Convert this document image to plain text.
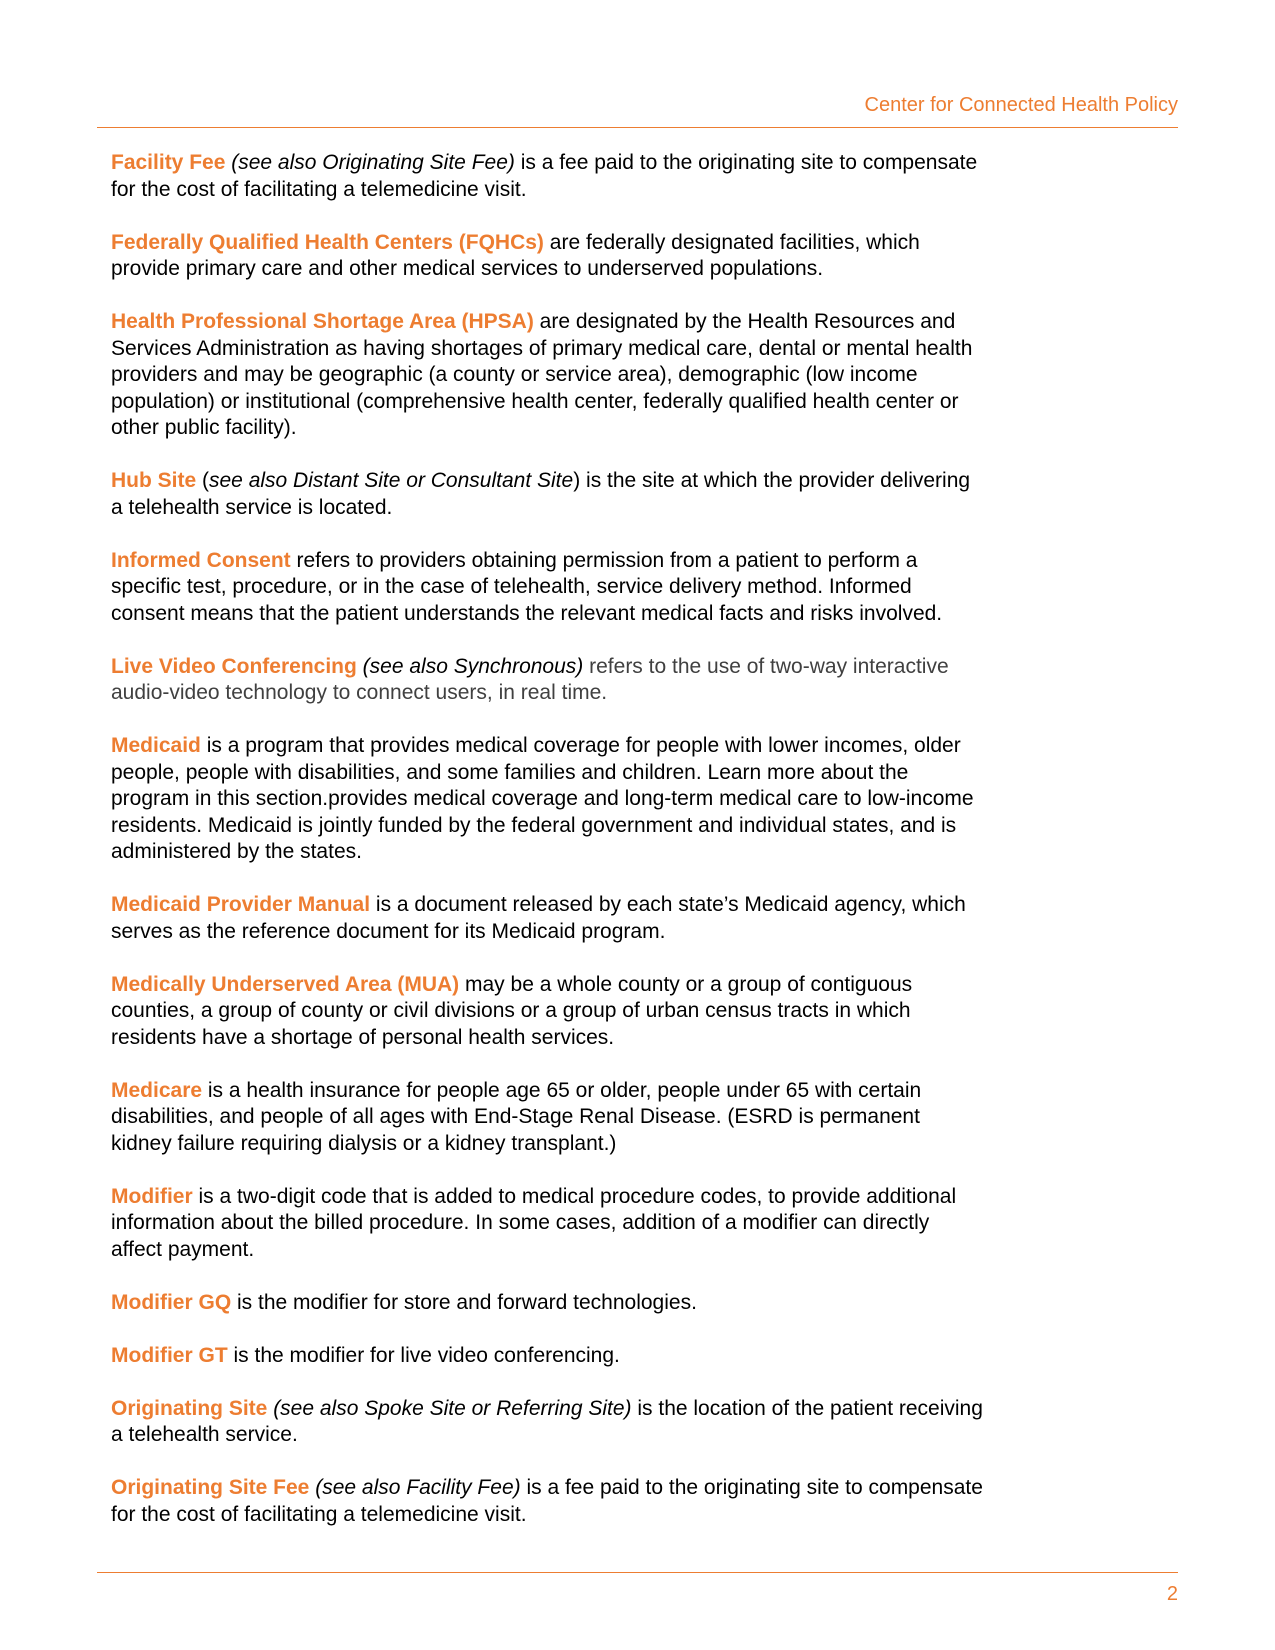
Center for Connected Health Policy
Facility Fee (see also Originating Site Fee) is a fee paid to the originating site to compensate
for the cost of facilitating a telemedicine visit.
Federally Qualified Health Centers (FQHCs) are federally designated facilities, which
provide primary care and other medical services to underserved populations.
Health Professional Shortage Area (HPSA) are designated by the Health Resources and
Services Administration as having shortages of primary medical care, dental or mental health
providers and may be geographic (a county or service area), demographic (low income
population) or institutional (comprehensive health center, federally qualified health center or
other public facility).
Hub Site (see also Distant Site or Consultant Site) is the site at which the provider delivering
a telehealth service is located.
Informed Consent refers to providers obtaining permission from a patient to perform a
specific test, procedure, or in the case of telehealth, service delivery method. Informed
consent means that the patient understands the relevant medical facts and risks involved.
Live Video Conferencing (see also Synchronous) refers to the use of two-way interactive
audio-video technology to connect users, in real time.
Medicaid is a program that provides medical coverage for people with lower incomes, older
people, people with disabilities, and some families and children. Learn more about the
program in this section.provides medical coverage and long-term medical care to low-income
residents. Medicaid is jointly funded by the federal government and individual states, and is
administered by the states.
Medicaid Provider Manual is a document released by each state’s Medicaid agency, which
serves as the reference document for its Medicaid program.
Medically Underserved Area (MUA) may be a whole county or a group of contiguous
counties, a group of county or civil divisions or a group of urban census tracts in which
residents have a shortage of personal health services.
Medicare is a health insurance for people age 65 or older, people under 65 with certain
disabilities, and people of all ages with End-Stage Renal Disease. (ESRD is permanent
kidney failure requiring dialysis or a kidney transplant.)
Modifier is a two-digit code that is added to medical procedure codes, to provide additional
information about the billed procedure. In some cases, addition of a modifier can directly
affect payment.
Modifier GQ is the modifier for store and forward technologies.
Modifier GT is the modifier for live video conferencing.
Originating Site (see also Spoke Site or Referring Site) is the location of the patient receiving
a telehealth service.
Originating Site Fee (see also Facility Fee) is a fee paid to the originating site to compensate
for the cost of facilitating a telemedicine visit.
2
